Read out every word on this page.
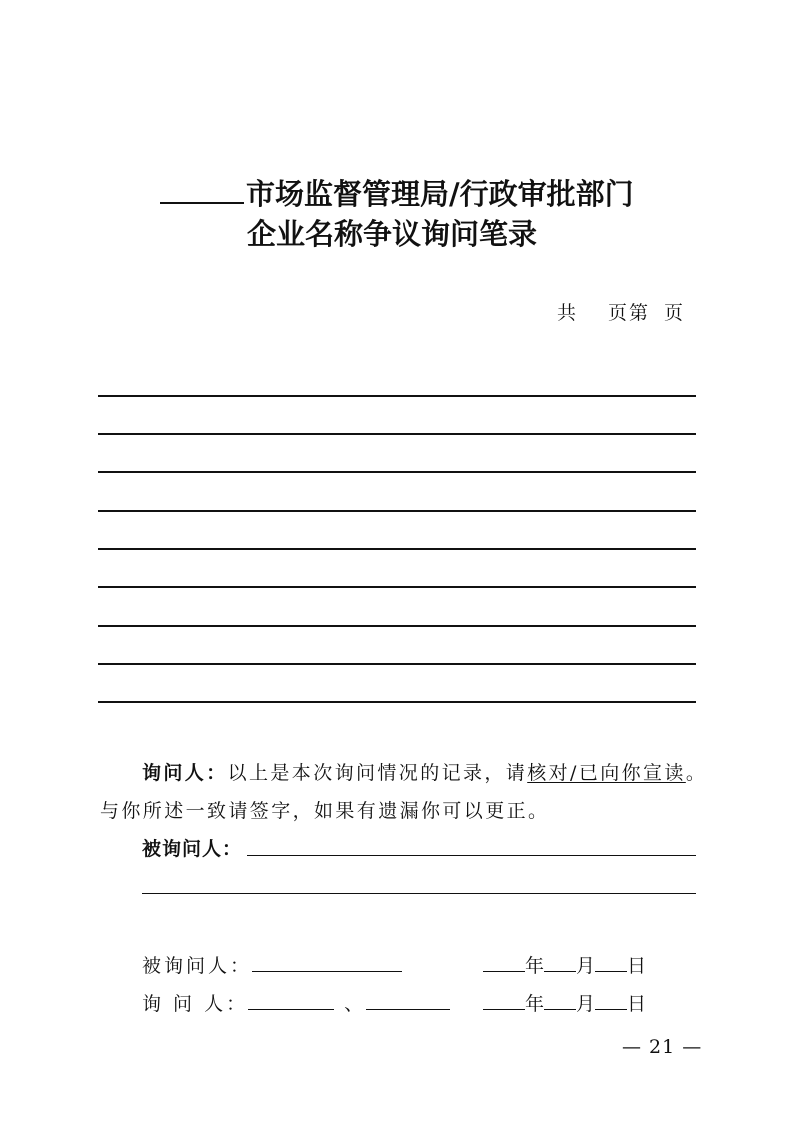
市场监督管理局/行政审批部门
企业名称争议询问笔录
共 页第 页
询问人：以上是本次询问情况的记录，请核对/已向你宣读。
与你所述一致请签字，如果有遗漏你可以更正。
被询问人：
被询问人：	年 月 日
询 问 人：	、	年 月 日
— 21 —
